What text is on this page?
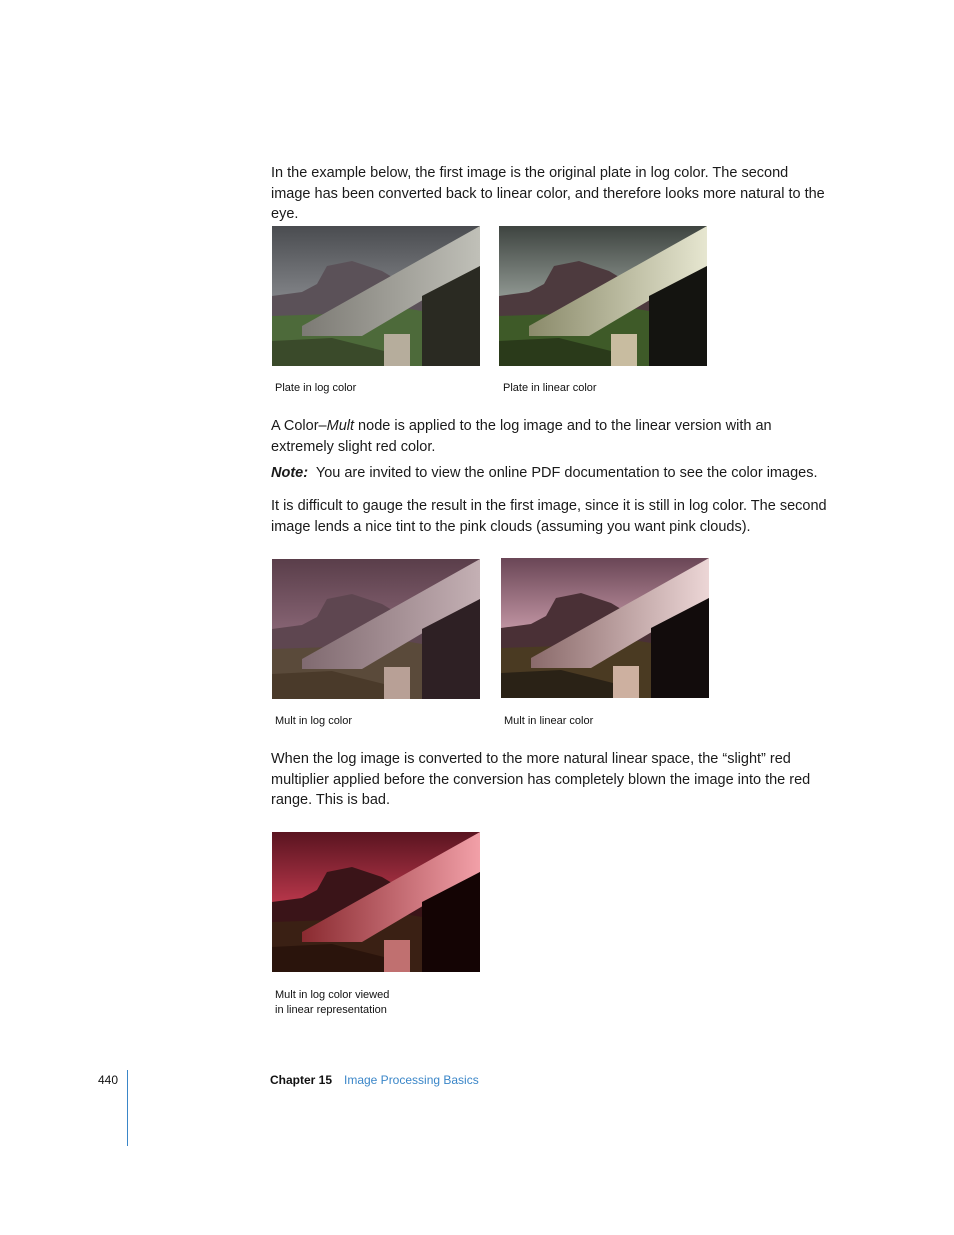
In the example below, the first image is the original plate in log color. The second image has been converted back to linear color, and therefore looks more natural to the eye.

Plate in log color	Plate in linear color

A Color–Mult node is applied to the log image and to the linear version with an extremely slight red color.

Note:  You are invited to view the online PDF documentation to see the color images.

It is difficult to gauge the result in the first image, since it is still in log color. The second image lends a nice tint to the pink clouds (assuming you want pink clouds).

Mult in log color	Mult in linear color

When the log image is converted to the more natural linear space, the “slight” red multiplier applied before the conversion has completely blown the image into the red range. This is bad.

Mult in log color viewed
in linear representation

440	Chapter 15 Image Processing Basics
